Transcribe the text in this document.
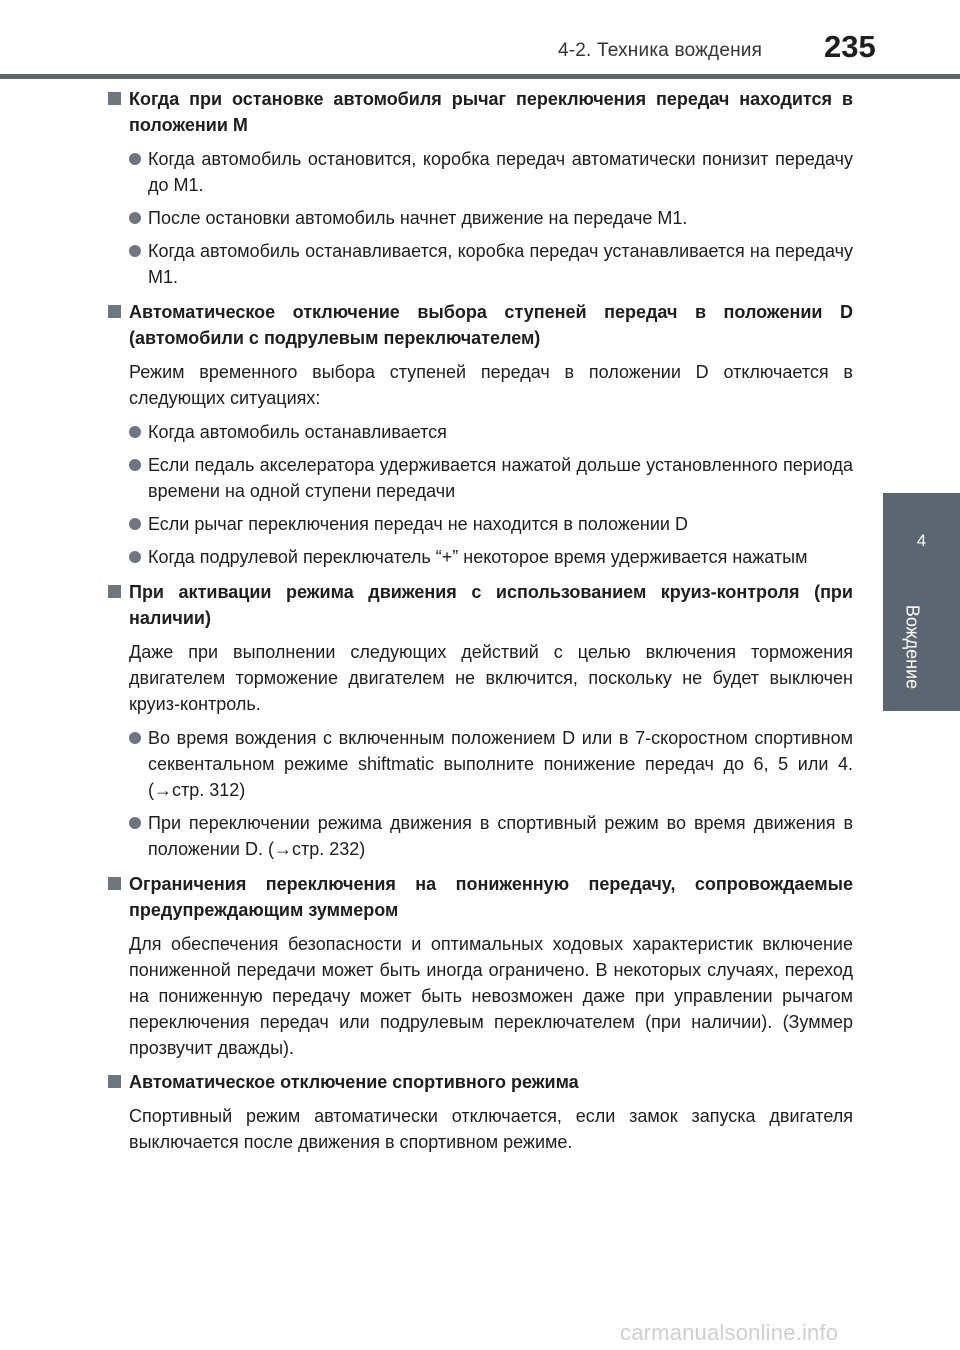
4-2. Техника вождения 235
4
Вождение
Когда при остановке автомобиля рычаг переключения передач находится в положении М
Когда автомобиль остановится, коробка передач автоматически понизит передачу до М1.
После остановки автомобиль начнет движение на передаче М1.
Когда автомобиль останавливается, коробка передач устанавливается на передачу М1.
Автоматическое отключение выбора ступеней передач в положении D (автомобили с подрулевым переключателем)
Режим временного выбора ступеней передач в положении D отключается в следующих ситуациях:
Когда автомобиль останавливается
Если педаль акселератора удерживается нажатой дольше установленного периода времени на одной ступени передачи
Если рычаг переключения передач не находится в положении D
Когда подрулевой переключатель “+” некоторое время удерживается нажатым
При активации режима движения с использованием круиз-контроля (при наличии)
Даже при выполнении следующих действий с целью включения торможения двигателем торможение двигателем не включится, поскольку не будет выключен круиз-контроль.
Во время вождения с включенным положением D или в 7-скоростном спортивном секвентальном режиме shiftmatic выполните понижение передач до 6, 5 или 4. (→стр. 312)
При переключении режима движения в спортивный режим во время движения в положении D. (→стр. 232)
Ограничения переключения на пониженную передачу, сопровождаемые предупреждающим зуммером
Для обеспечения безопасности и оптимальных ходовых характеристик включение пониженной передачи может быть иногда ограничено. В некоторых случаях, переход на пониженную передачу может быть невозможен даже при управлении рычагом переключения передач или подрулевым переключателем (при наличии). (Зуммер прозвучит дважды).
Автоматическое отключение спортивного режима
Спортивный режим автоматически отключается, если замок запуска двигателя выключается после движения в спортивном режиме.
carmanualsonline.info
